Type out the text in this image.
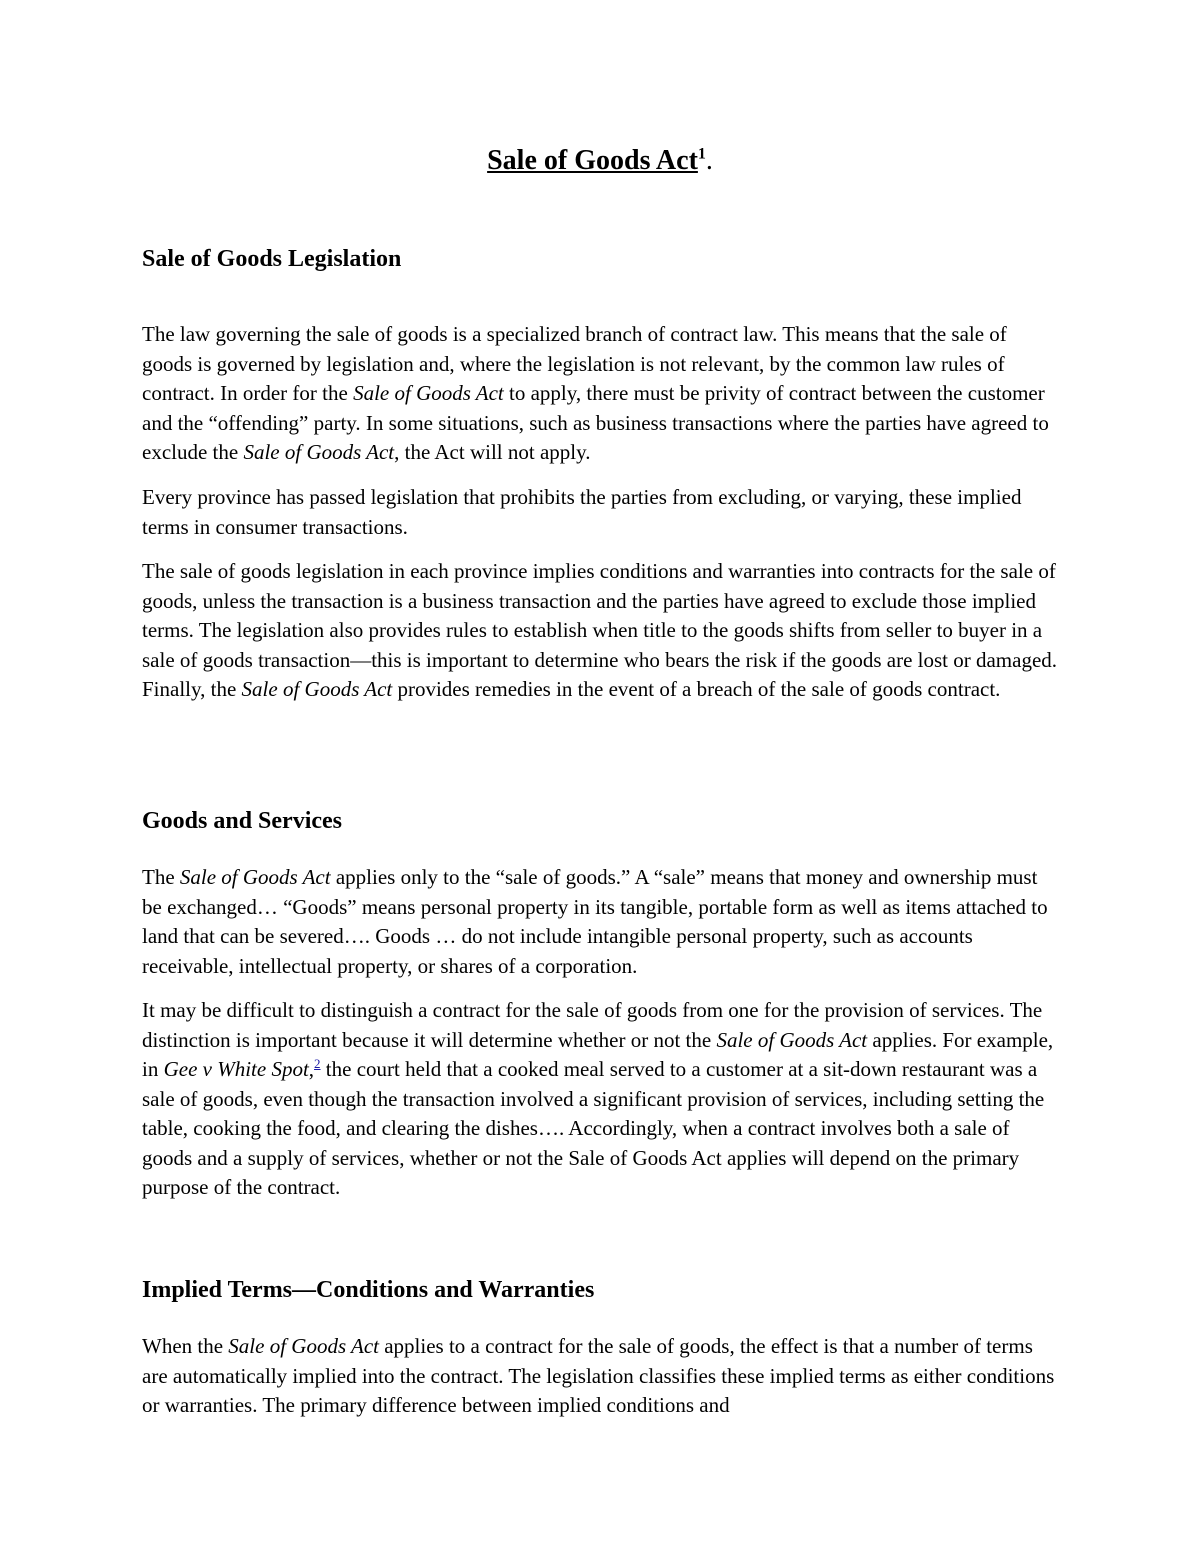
Sale of Goods Act$^1$.
Sale of Goods Legislation

The law governing the sale of goods is a specialized branch of contract law. This means that the sale of goods is governed by legislation and, where the legislation is not relevant, by the common law rules of contract. In order for the Sale of Goods Act to apply, there must be privity of contract between the customer and the “offending” party. In some situations, such as business transactions where the parties have agreed to exclude the Sale of Goods Act, the Act will not apply.

Every province has passed legislation that prohibits the parties from excluding, or varying, these implied terms in consumer transactions.

The sale of goods legislation in each province implies conditions and warranties into contracts for the sale of goods, unless the transaction is a business transaction and the parties have agreed to exclude those implied terms. The legislation also provides rules to establish when title to the goods shifts from seller to buyer in a sale of goods transaction—this is important to determine who bears the risk if the goods are lost or damaged. Finally, the Sale of Goods Act provides remedies in the event of a breach of the sale of goods contract.

Goods and Services

The Sale of Goods Act applies only to the “sale of goods.” A “sale” means that money and ownership must be exchanged… “Goods” means personal property in its tangible, portable form as well as items attached to land that can be severed…. Goods … do not include intangible personal property, such as accounts receivable, intellectual property, or shares of a corporation.

It may be difficult to distinguish a contract for the sale of goods from one for the provision of services. The distinction is important because it will determine whether or not the Sale of Goods Act applies. For example, in Gee v White Spot,$^2$ the court held that a cooked meal served to a customer at a sit-down restaurant was a sale of goods, even though the transaction involved a significant provision of services, including setting the table, cooking the food, and clearing the dishes…. Accordingly, when a contract involves both a sale of goods and a supply of services, whether or not the Sale of Goods Act applies will depend on the primary purpose of the contract.

Implied Terms—Conditions and Warranties

When the Sale of Goods Act applies to a contract for the sale of goods, the effect is that a number of terms are automatically implied into the contract. The legislation classifies these implied terms as either conditions or warranties. The primary difference between implied conditions and
